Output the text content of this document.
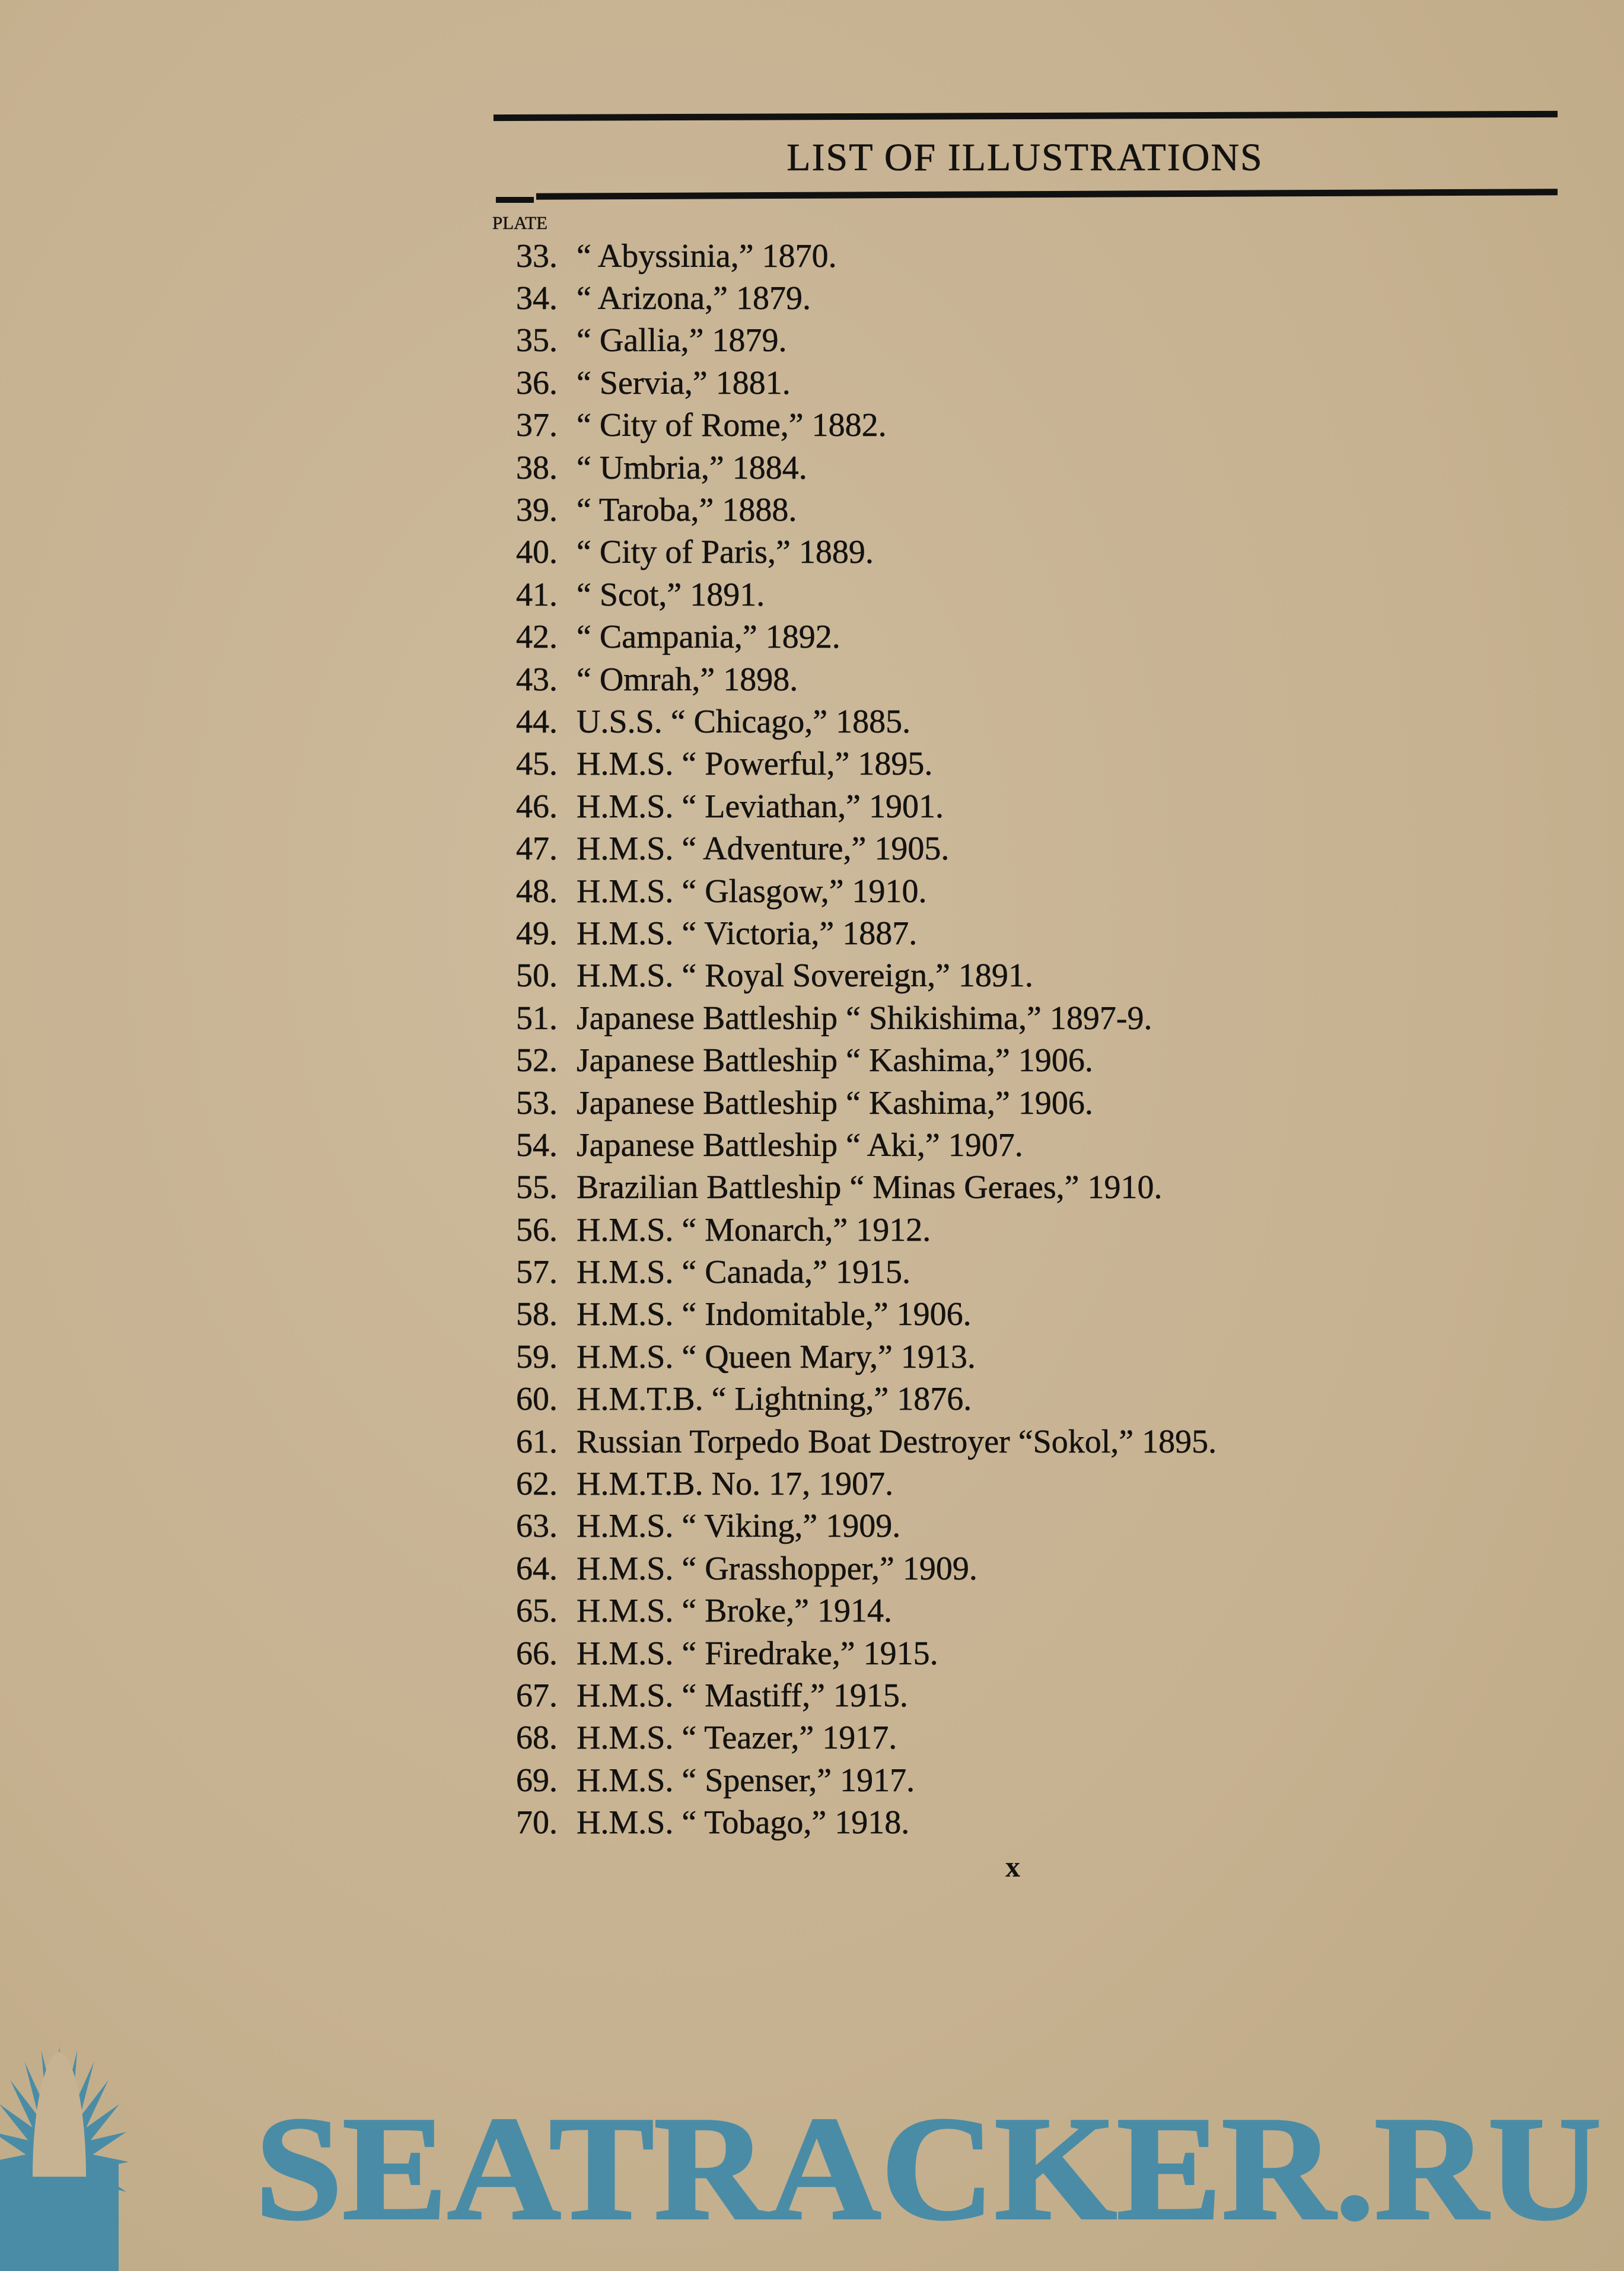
LIST OF ILLUSTRATIONS
PLATE
33. “ Abyssinia,” 1870.
34. “ Arizona,” 1879.
35. “ Gallia,” 1879.
36. “ Servia,” 1881.
37. “ City of Rome,” 1882.
38. “ Umbria,” 1884.
39. “ Taroba,” 1888.
40. “ City of Paris,” 1889.
41. “ Scot,” 1891.
42. “ Campania,” 1892.
43. “ Omrah,” 1898.
44. U.S.S. “ Chicago,” 1885.
45. H.M.S. “ Powerful,” 1895.
46. H.M.S. “ Leviathan,” 1901.
47. H.M.S. “ Adventure,” 1905.
48. H.M.S. “ Glasgow,” 1910.
49. H.M.S. “ Victoria,” 1887.
50. H.M.S. “ Royal Sovereign,” 1891.
51. Japanese Battleship “ Shikishima,” 1897-9.
52. Japanese Battleship “ Kashima,” 1906.
53. Japanese Battleship “ Kashima,” 1906.
54. Japanese Battleship “ Aki,” 1907.
55. Brazilian Battleship “ Minas Geraes,” 1910.
56. H.M.S. “ Monarch,” 1912.
57. H.M.S. “ Canada,” 1915.
58. H.M.S. “ Indomitable,” 1906.
59. H.M.S. “ Queen Mary,” 1913.
60. H.M.T.B. “ Lightning,” 1876.
61. Russian Torpedo Boat Destroyer “Sokol,” 1895.
62. H.M.T.B. No. 17, 1907.
63. H.M.S. “ Viking,” 1909.
64. H.M.S. “ Grasshopper,” 1909.
65. H.M.S. “ Broke,” 1914.
66. H.M.S. “ Firedrake,” 1915.
67. H.M.S. “ Mastiff,” 1915.
68. H.M.S. “ Teazer,” 1917.
69. H.M.S. “ Spenser,” 1917.
70. H.M.S. “ Tobago,” 1918.
x
SEATRACKER.RU
